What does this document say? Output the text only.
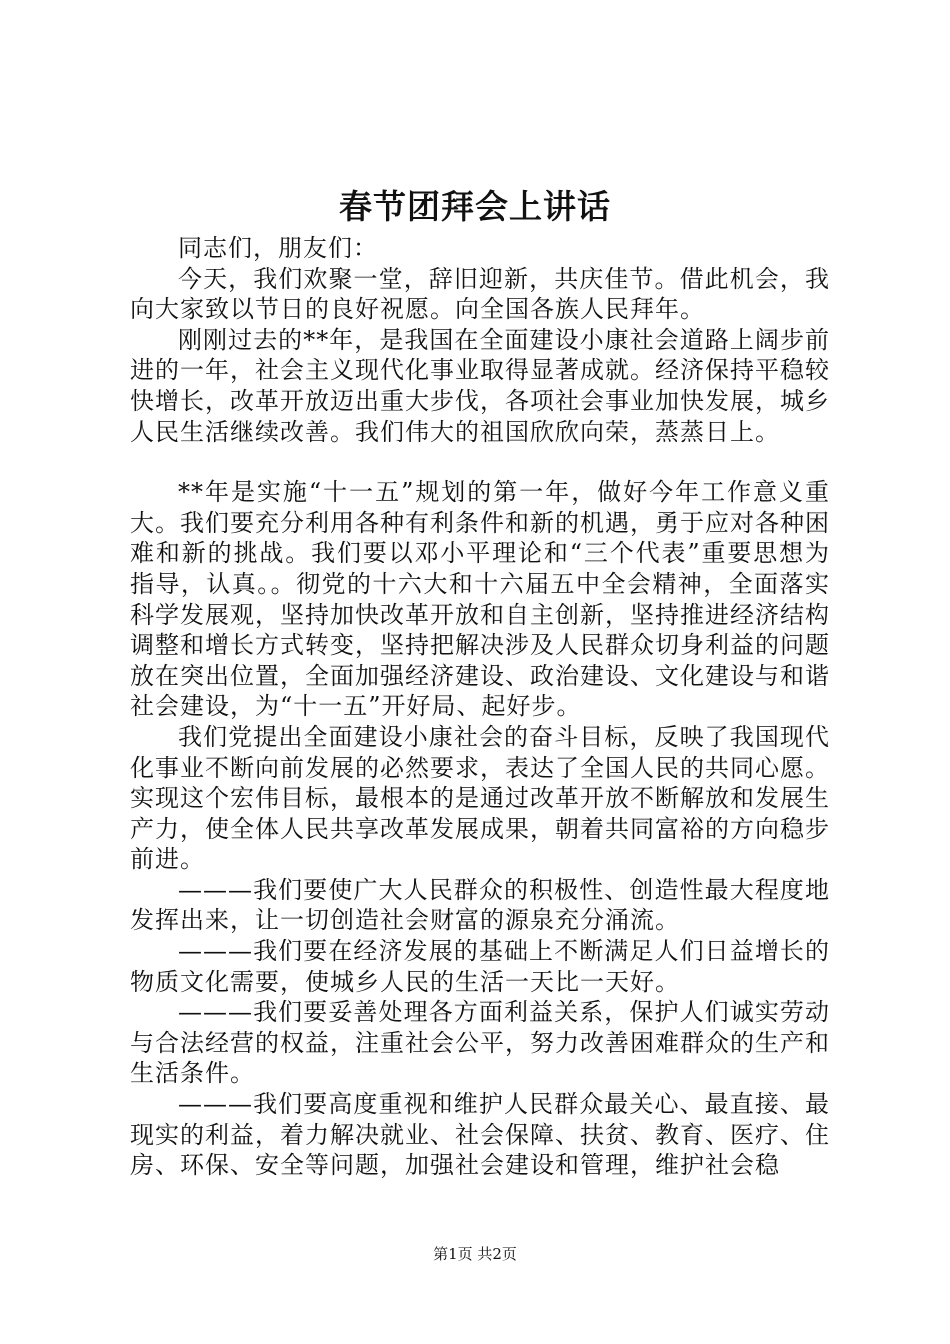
春节团拜会上讲话

同志们，朋友们：

今天，我们欢聚一堂，辞旧迎新，共庆佳节。借此机会，我向大家致以节日的良好祝愿。向全国各族人民拜年。

刚刚过去的**年，是我国在全面建设小康社会道路上阔步前进的一年，社会主义现代化事业取得显著成就。经济保持平稳较快增长，改革开放迈出重大步伐，各项社会事业加快发展，城乡人民生活继续改善。我们伟大的祖国欣欣向荣，蒸蒸日上。

**年是实施“十一五”规划的第一年，做好今年工作意义重大。我们要充分利用各种有利条件和新的机遇，勇于应对各种困难和新的挑战。我们要以邓小平理论和“三个代表”重要思想为指导，认真。。彻党的十六大和十六届五中全会精神，全面落实科学发展观，坚持加快改革开放和自主创新，坚持推进经济结构调整和增长方式转变，坚持把解决涉及人民群众切身利益的问题放在突出位置，全面加强经济建设、政治建设、文化建设与和谐社会建设，为“十一五”开好局、起好步。

我们党提出全面建设小康社会的奋斗目标，反映了我国现代化事业不断向前发展的必然要求，表达了全国人民的共同心愿。实现这个宏伟目标，最根本的是通过改革开放不断解放和发展生产力，使全体人民共享改革发展成果，朝着共同富裕的方向稳步前进。

———我们要使广大人民群众的积极性、创造性最大程度地发挥出来，让一切创造社会财富的源泉充分涌流。

———我们要在经济发展的基础上不断满足人们日益增长的物质文化需要，使城乡人民的生活一天比一天好。

———我们要妥善处理各方面利益关系，保护人们诚实劳动与合法经营的权益，注重社会公平，努力改善困难群众的生产和生活条件。

———我们要高度重视和维护人民群众最关心、最直接、最现实的利益，着力解决就业、社会保障、扶贫、教育、医疗、住房、环保、安全等问题，加强社会建设和管理，维护社会稳

第1页 共2页
